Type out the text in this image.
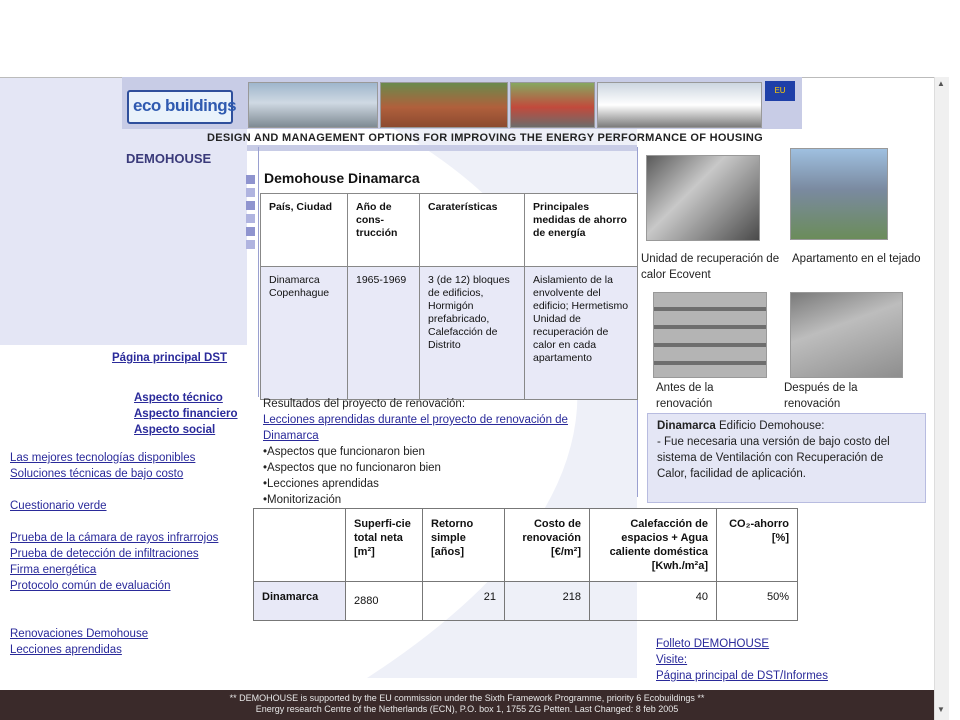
eco buildings
EU
DESIGN AND MANAGEMENT OPTIONS FOR IMPROVING THE ENERGY PERFORMANCE OF HOUSING
DEMOHOUSE
Demohouse Dinamarca
País, Ciudad	Año de cons-trucción	Caraterísticas	Principales medidas de ahorro de energía
Dinamarca Copenhague	1965-1969	3 (de 12) bloques de edificios, Hormigón prefabricado, Calefacción de Distrito	Aislamiento de la envolvente del edificio; Hermetismo Unidad de recuperación de calor en cada apartamento
Resultados del proyecto de renovación:
Lecciones aprendidas durante el proyecto de renovación de Dinamarca
•Aspectos que funcionaron bien
•Aspectos que no funcionaron bien
•Lecciones aprendidas
•Monitorización
Página principal DST
Aspecto técnico
Aspecto financiero
Aspecto social
Las mejores tecnologías disponibles
Soluciones técnicas de bajo costo
Cuestionario verde
Prueba de la cámara de rayos infrarrojos
Prueba de detección de infiltraciones
Firma energética
Protocolo común de evaluación
Renovaciones Demohouse
Lecciones aprendidas
	Superfi-cie total neta [m²]	Retorno simple [años]	Costo de renovación [€/m²]	Calefacción de espacios + Agua caliente doméstica [Kwh./m²a]	CO₂-ahorro [%]
Dinamarca	2880	21	218	40	50%
Unidad de recuperación de calor Ecovent
Apartamento en el tejado
Antes de la renovación
Después de la renovación
Dinamarca Edificio Demohouse:
- Fue necesaria una versión de bajo costo del sistema de Ventilación con Recuperación de Calor, facilidad de aplicación.
Folleto DEMOHOUSE
Visite:
Página principal de DST/Informes
** DEMOHOUSE is supported by the EU commission under the Sixth Framework Programme, priority 6 Ecobuildings **
Energy research Centre of the Netherlands (ECN), P.O. box 1, 1755 ZG Petten. Last Changed: 8 feb 2005
▲
▼
